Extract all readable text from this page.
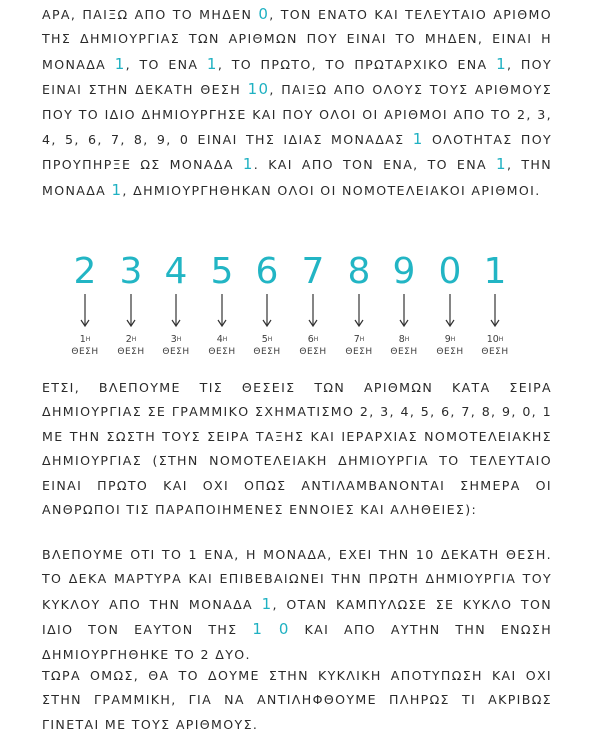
ΑΡΑ, ΠΑΙΞΩ ΑΠΟ ΤΟ ΜΗΔΕΝ 0, ΤΟΝ ΕΝΑΤΟ ΚΑΙ ΤΕΛΕΥΤΑΙΟ ΑΡΙΘΜΟ ΤΗΣ ΔΗΜΙΟΥΡΓΙΑΣ ΤΩΝ ΑΡΙΘΜΩΝ ΠΟΥ ΕΙΝΑΙ ΤΟ ΜΗΔΕΝ, ΕΙΝΑΙ Η ΜΟΝΑΔΑ 1, ΤΟ ΕΝΑ 1, ΤΟ ΠΡΩΤΟ, ΤΟ ΠΡΩΤΑΡΧΙΚΟ ΕΝΑ 1, ΠΟΥ ΕΙΝΑΙ ΣΤΗΝ ΔΕΚΑΤΗ ΘΕΣΗ 10, ΠΑΙΞΩ ΑΠΟ ΟΛΟΥΣ ΤΟΥΣ ΑΡΙΘΜΟΥΣ ΠΟΥ ΤΟ ΙΔΙΟ ΔΗΜΙΟΥΡΓΗΣΕ ΚΑΙ ΠΟΥ ΟΛΟΙ ΟΙ ΑΡΙΘΜΟΙ ΑΠΟ ΤΟ 2, 3, 4, 5, 6, 7, 8, 9, 0 ΕΙΝΑΙ ΤΗΣ ΙΔΙΑΣ ΜΟΝΑΔΑΣ 1 ΟΛΟΤΗΤΑΣ ΠΟΥ ΠΡΟΥΠΗΡΞΕ ΩΣ ΜΟΝΑΔΑ 1. ΚΑΙ ΑΠΟ ΤΟΝ ΕΝΑ, ΤΟ ΕΝΑ 1, ΤΗΝ ΜΟΝΑΔΑ 1, ΔΗΜΙΟΥΡΓΗΘΗΚΑΝ ΟΛΟΙ ΟΙ ΝΟΜΟΤΕΛΕΙΑΚΟΙ ΑΡΙΘΜΟΙ.

2
$1^H$
ΘΕΣΗ
3
$2^H$
ΘΕΣΗ
4
$3^H$
ΘΕΣΗ
5
$4^H$
ΘΕΣΗ
6
$5^H$
ΘΕΣΗ
7
$6^H$
ΘΕΣΗ
8
$7^H$
ΘΕΣΗ
9
$8^H$
ΘΕΣΗ
0
$9^H$
ΘΕΣΗ
1
$10^H$
ΘΕΣΗ

ΕΤΣΙ, ΒΛΕΠΟΥΜΕ ΤΙΣ ΘΕΣΕΙΣ ΤΩΝ ΑΡΙΘΜΩΝ ΚΑΤΑ ΣΕΙΡΑ ΔΗΜΙΟΥΡΓΙΑΣ ΣΕ ΓΡΑΜΜΙΚΟ ΣΧΗΜΑΤΙΣΜΟ 2, 3, 4, 5, 6, 7, 8, 9, 0, 1 ΜΕ ΤΗΝ ΣΩΣΤΗ ΤΟΥΣ ΣΕΙΡΑ ΤΑΞΗΣ ΚΑΙ ΙΕΡΑΡΧΙΑΣ ΝΟΜΟΤΕΛΕΙΑΚΗΣ ΔΗΜΙΟΥΡΓΙΑΣ (ΣΤΗΝ ΝΟΜΟΤΕΛΕΙΑΚΗ ΔΗΜΙΟΥΡΓΙΑ ΤΟ ΤΕΛΕΥΤΑΙΟ ΕΙΝΑΙ ΠΡΩΤΟ ΚΑΙ ΟΧΙ ΟΠΩΣ ΑΝΤΙΛΑΜΒΑΝΟΝΤΑΙ ΣΗΜΕΡΑ ΟΙ ΑΝΘΡΩΠΟΙ ΤΙΣ ΠΑΡΑΠΟΙΗΜΕΝΕΣ ΕΝΝΟΙΕΣ ΚΑΙ ΑΛΗΘΕΙΕΣ):

ΒΛΕΠΟΥΜΕ ΟΤΙ ΤΟ 1 ΕΝΑ, Η ΜΟΝΑΔΑ, ΕΧΕΙ ΤΗΝ 10 ΔΕΚΑΤΗ ΘΕΣΗ. ΤΟ ΔΕΚΑ ΜΑΡΤΥΡΑ ΚΑΙ ΕΠΙΒΕΒΑΙΩΝΕΙ ΤΗΝ ΠΡΩΤΗ ΔΗΜΙΟΥΡΓΙΑ ΤΟΥ ΚΥΚΛΟΥ ΑΠΟ ΤΗΝ ΜΟΝΑΔΑ 1, ΟΤΑΝ ΚΑΜΠΥΛΩΣΕ ΣΕ ΚΥΚΛΟ ΤΟΝ ΙΔΙΟ ΤΟΝ ΕΑΥΤΟΝ ΤΗΣ 1 0 ΚΑΙ ΑΠΟ ΑΥΤΗΝ ΤΗΝ ΕΝΩΣΗ ΔΗΜΙΟΥΡΓΗΘΗΚΕ ΤΟ 2 ΔΥΟ.

ΤΩΡΑ ΟΜΩΣ, ΘΑ ΤΟ ΔΟΥΜΕ ΣΤΗΝ ΚΥΚΛΙΚΗ ΑΠΟΤΥΠΩΣΗ ΚΑΙ ΟΧΙ ΣΤΗΝ ΓΡΑΜΜΙΚΗ, ΓΙΑ ΝΑ ΑΝΤΙΛΗΦΘΟΥΜΕ ΠΛΗΡΩΣ ΤΙ ΑΚΡΙΒΩΣ ΓΙΝΕΤΑΙ ΜΕ ΤΟΥΣ ΑΡΙΘΜΟΥΣ.
